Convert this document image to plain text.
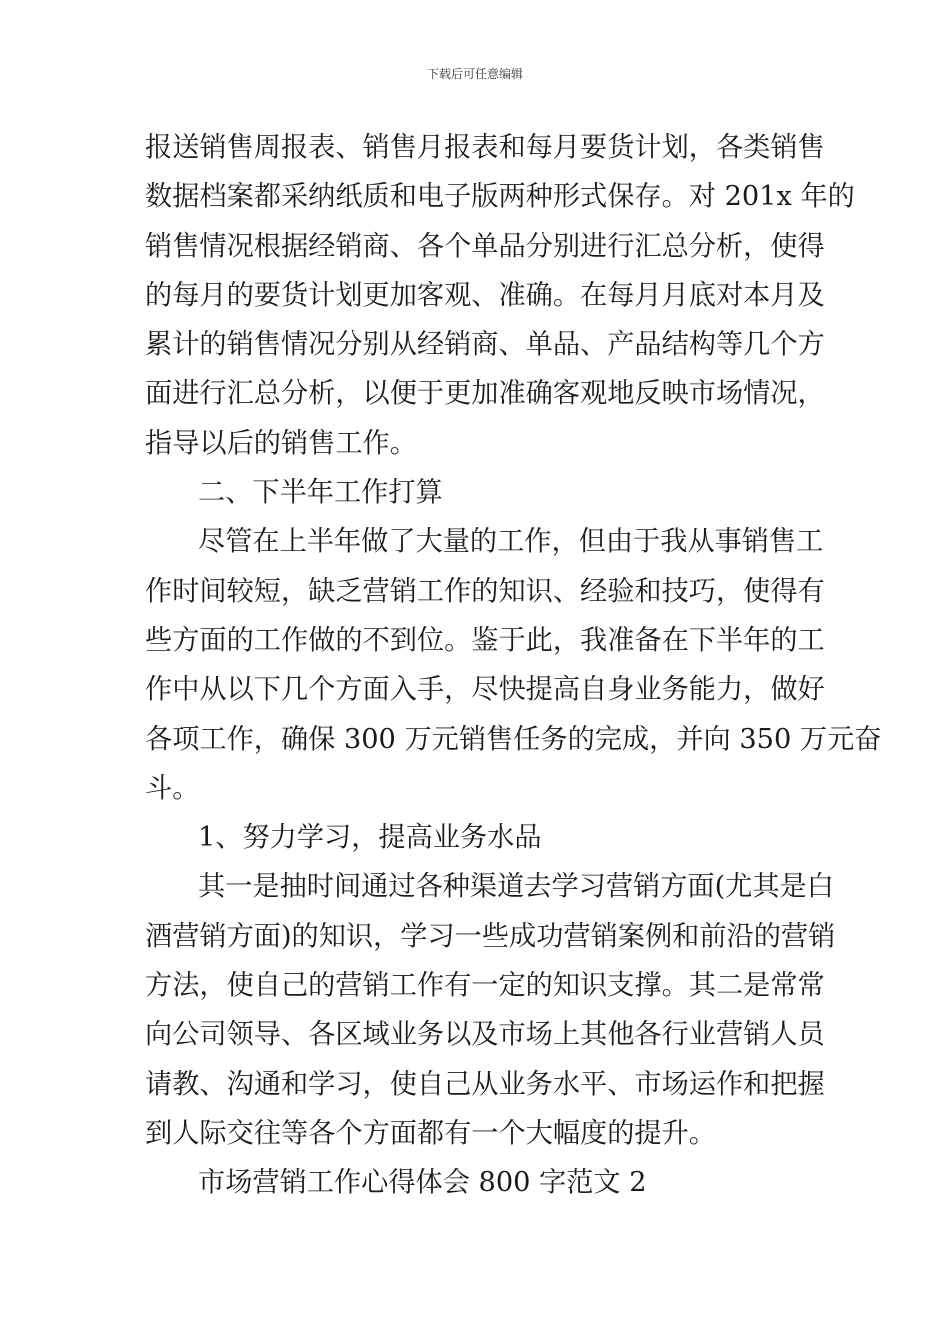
下载后可任意编辑
报送销售周报表、销售月报表和每月要货计划，各类销售
数据档案都采纳纸质和电子版两种形式保存。对 201x 年的
销售情况根据经销商、各个单品分别进行汇总分析，使得
的每月的要货计划更加客观、准确。在每月月底对本月及
累计的销售情况分别从经销商、单品、产品结构等几个方
面进行汇总分析，以便于更加准确客观地反映市场情况，
指导以后的销售工作。
二、下半年工作打算
尽管在上半年做了大量的工作，但由于我从事销售工
作时间较短，缺乏营销工作的知识、经验和技巧，使得有
些方面的工作做的不到位。鉴于此，我准备在下半年的工
作中从以下几个方面入手，尽快提高自身业务能力，做好
各项工作，确保 300 万元销售任务的完成，并向 350 万元奋
斗。
1、努力学习，提高业务水品
其一是抽时间通过各种渠道去学习营销方面(尤其是白
酒营销方面)的知识，学习一些成功营销案例和前沿的营销
方法，使自己的营销工作有一定的知识支撑。其二是常常
向公司领导、各区域业务以及市场上其他各行业营销人员
请教、沟通和学习，使自己从业务水平、市场运作和把握
到人际交往等各个方面都有一个大幅度的提升。
市场营销工作心得体会 800 字范文 2
